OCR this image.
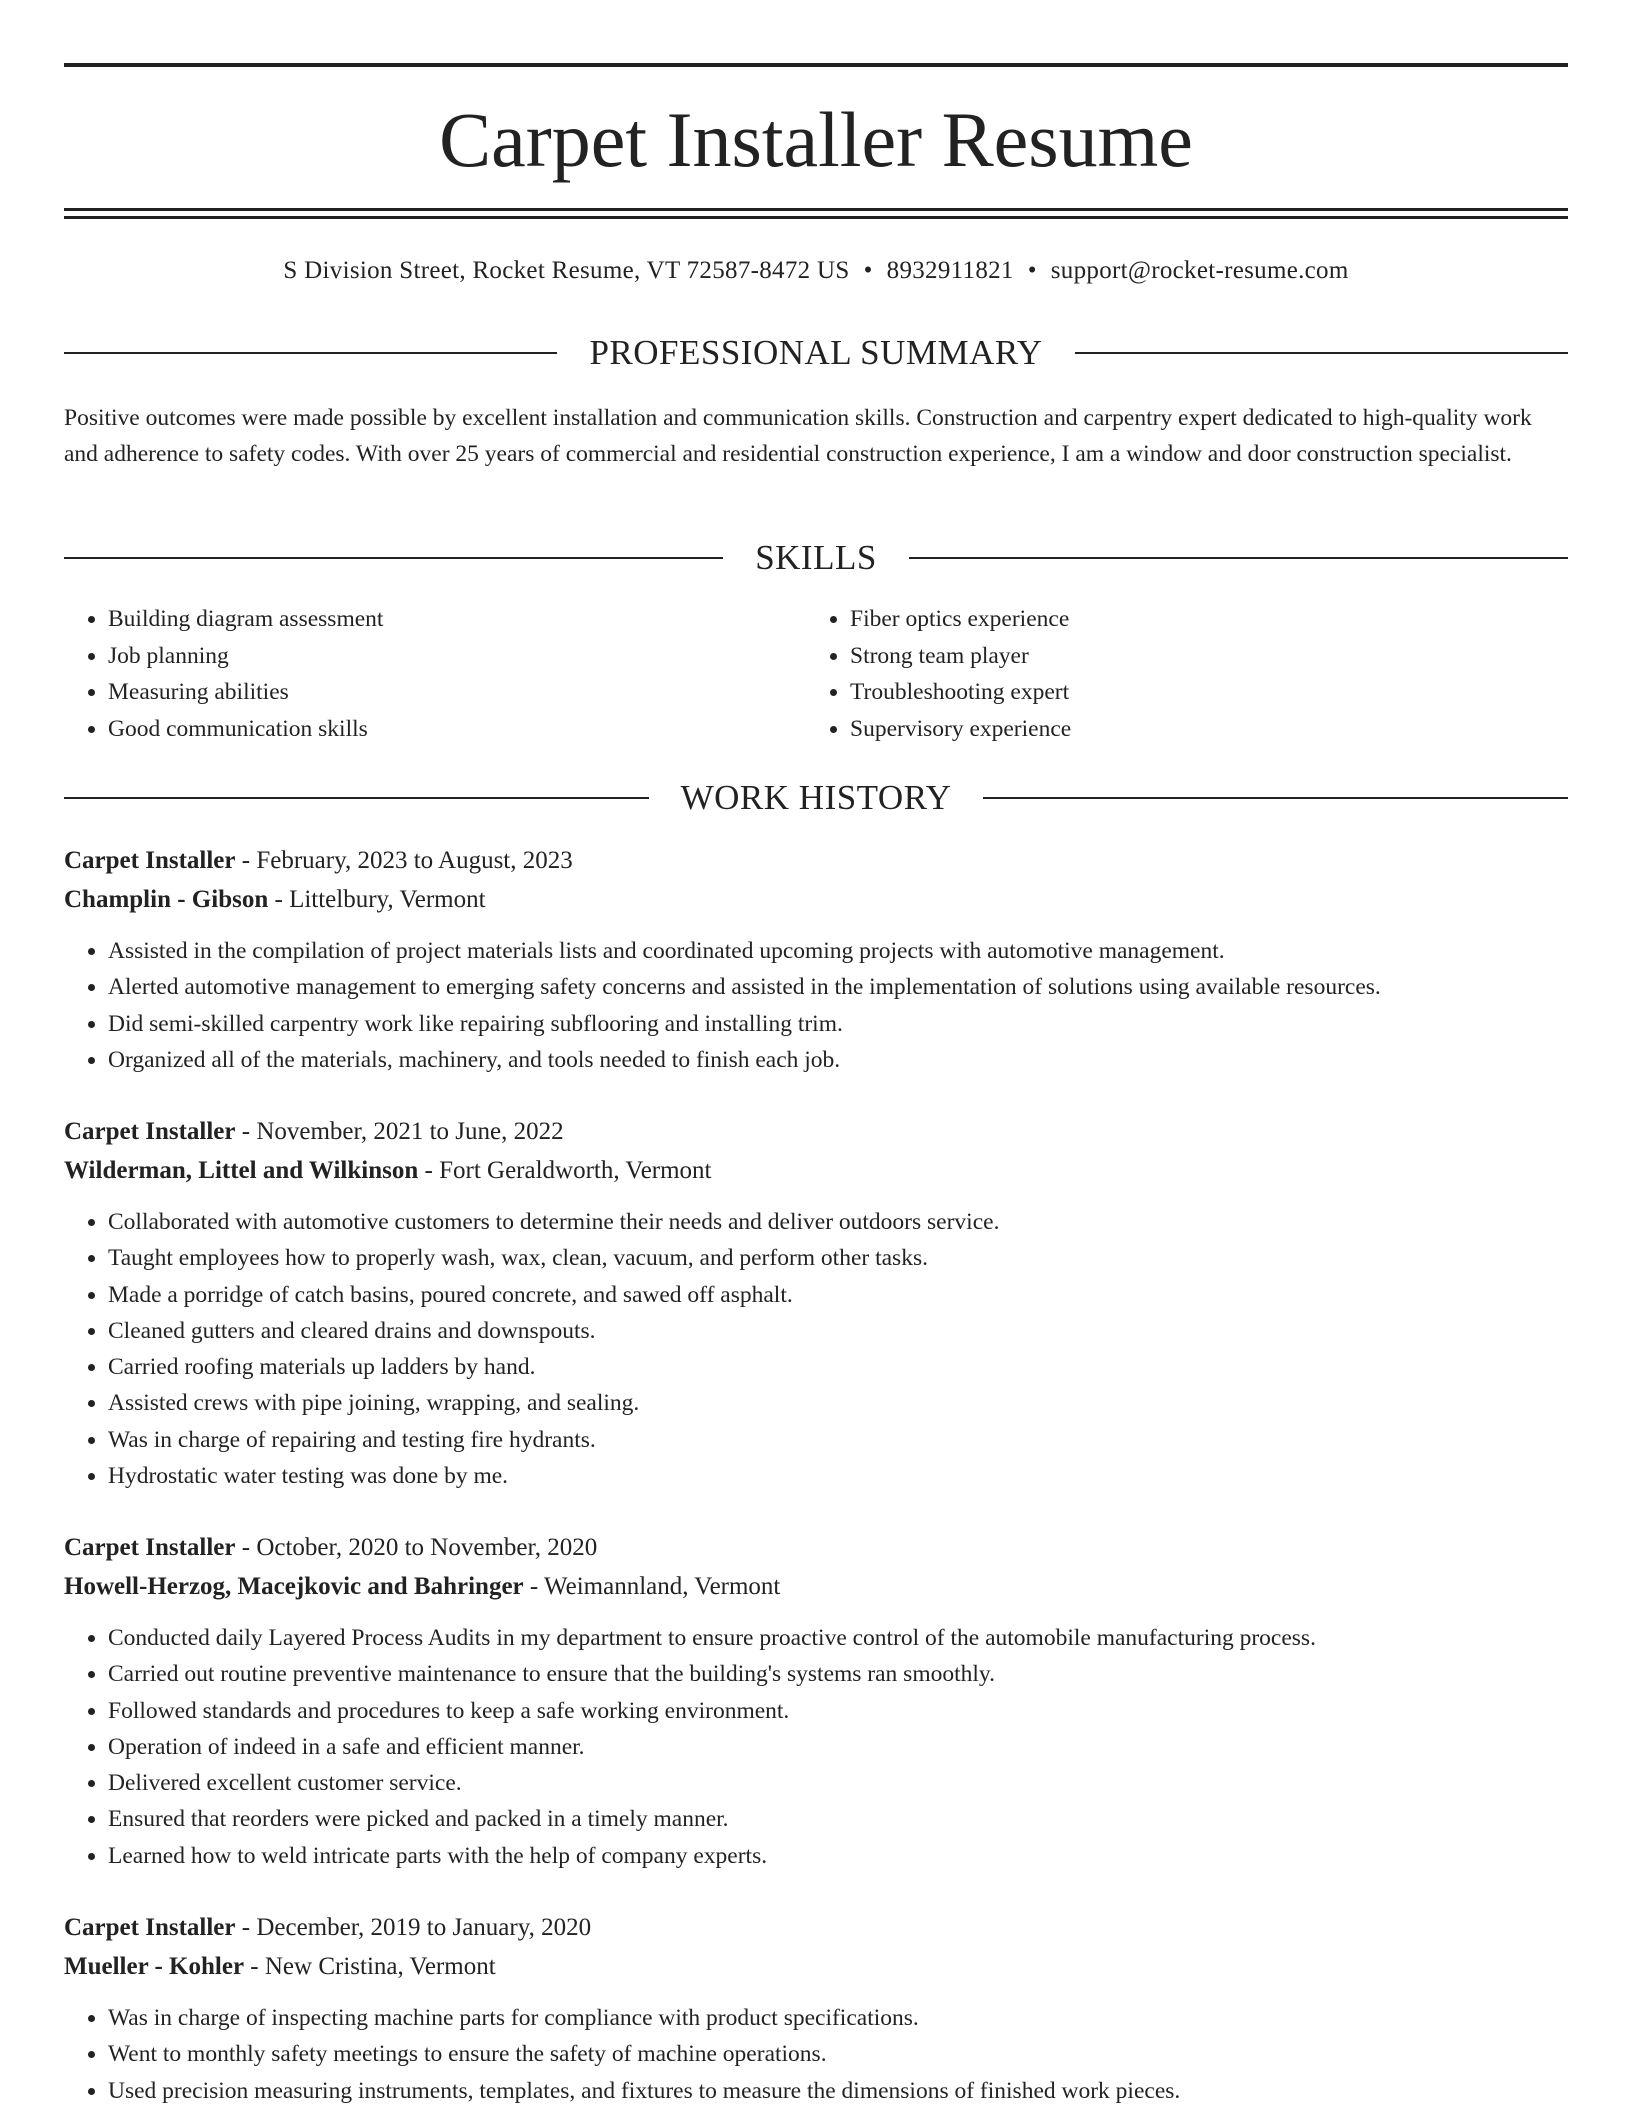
Carpet Installer Resume
S Division Street, Rocket Resume, VT 72587-8472 US • 8932911821 • support@rocket-resume.com
PROFESSIONAL SUMMARY

Positive outcomes were made possible by excellent installation and communication skills. Construction and carpentry expert dedicated to high-quality work and adherence to safety codes. With over 25 years of commercial and residential construction experience, I am a window and door construction specialist.

SKILLS
• Building diagram assessment
• Job planning
• Measuring abilities
• Good communication skills
• Fiber optics experience
• Strong team player
• Troubleshooting expert
• Supervisory experience
WORK HISTORY

Carpet Installer - February, 2023 to August, 2023

Champlin - Gibson - Littelbury, Vermont

• Assisted in the compilation of project materials lists and coordinated upcoming projects with automotive management.
• Alerted automotive management to emerging safety concerns and assisted in the implementation of solutions using available resources.
• Did semi-skilled carpentry work like repairing subflooring and installing trim.
• Organized all of the materials, machinery, and tools needed to finish each job.

Carpet Installer - November, 2021 to June, 2022

Wilderman, Littel and Wilkinson - Fort Geraldworth, Vermont

• Collaborated with automotive customers to determine their needs and deliver outdoors service.
• Taught employees how to properly wash, wax, clean, vacuum, and perform other tasks.
• Made a porridge of catch basins, poured concrete, and sawed off asphalt.
• Cleaned gutters and cleared drains and downspouts.
• Carried roofing materials up ladders by hand.
• Assisted crews with pipe joining, wrapping, and sealing.
• Was in charge of repairing and testing fire hydrants.
• Hydrostatic water testing was done by me.

Carpet Installer - October, 2020 to November, 2020

Howell-Herzog, Macejkovic and Bahringer - Weimannland, Vermont

• Conducted daily Layered Process Audits in my department to ensure proactive control of the automobile manufacturing process.
• Carried out routine preventive maintenance to ensure that the building's systems ran smoothly.
• Followed standards and procedures to keep a safe working environment.
• Operation of indeed in a safe and efficient manner.
• Delivered excellent customer service.
• Ensured that reorders were picked and packed in a timely manner.
• Learned how to weld intricate parts with the help of company experts.

Carpet Installer - December, 2019 to January, 2020

Mueller - Kohler - New Cristina, Vermont

• Was in charge of inspecting machine parts for compliance with product specifications.
• Went to monthly safety meetings to ensure the safety of machine operations.
• Used precision measuring instruments, templates, and fixtures to measure the dimensions of finished work pieces.
